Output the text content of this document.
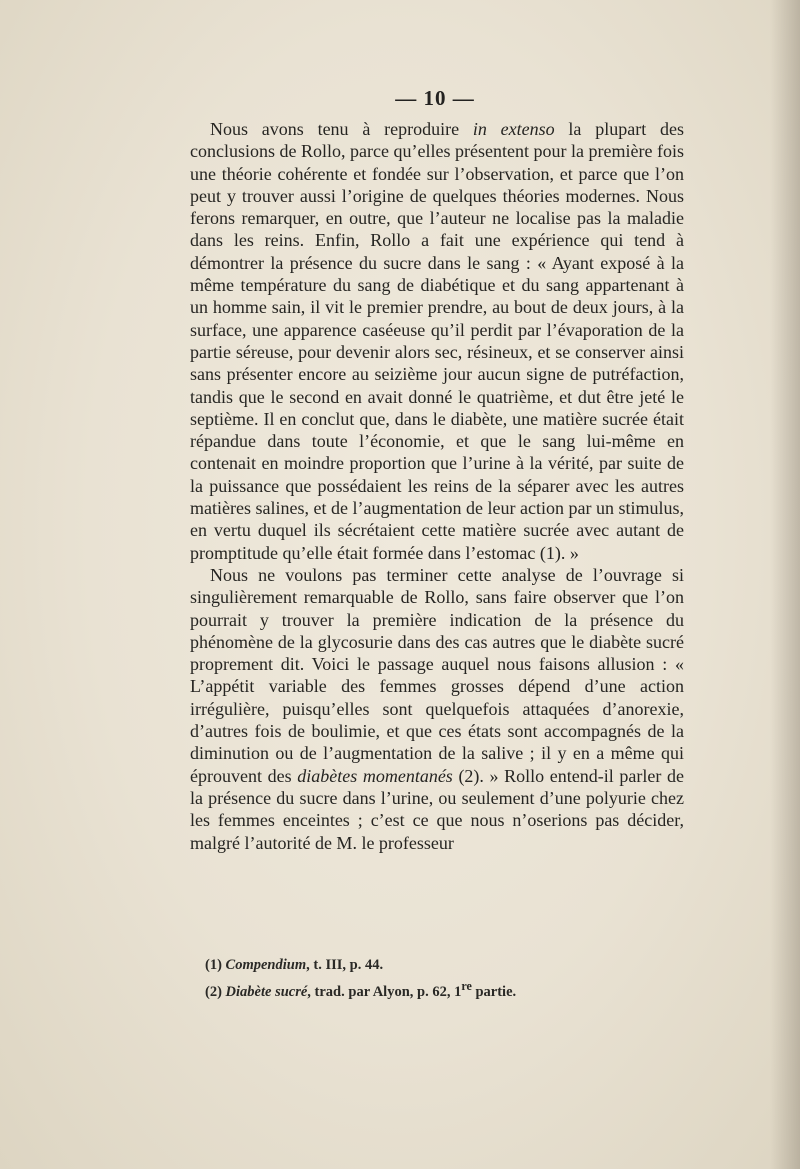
— 10 —

Nous avons tenu à reproduire in extenso la plupart des conclusions de Rollo, parce qu’elles présentent pour la première fois une théorie cohérente et fondée sur l’observation, et parce que l’on peut y trouver aussi l’origine de quelques théories modernes. Nous ferons remarquer, en outre, que l’auteur ne localise pas la maladie dans les reins. Enfin, Rollo a fait une expérience qui tend à démontrer la présence du sucre dans le sang : « Ayant exposé à la même température du sang de diabétique et du sang appartenant à un homme sain, il vit le premier prendre, au bout de deux jours, à la surface, une apparence caséeuse qu’il perdit par l’évaporation de la partie séreuse, pour devenir alors sec, résineux, et se conserver ainsi sans présenter encore au seizième jour aucun signe de putréfaction, tandis que le second en avait donné le quatrième, et dut être jeté le septième. Il en conclut que, dans le diabète, une matière sucrée était répandue dans toute l’économie, et que le sang lui-même en contenait en moindre proportion que l’urine à la vérité, par suite de la puissance que possédaient les reins de la séparer avec les autres matières salines, et de l’augmentation de leur action par un stimulus, en vertu duquel ils sécrétaient cette matière sucrée avec autant de promptitude qu’elle était formée dans l’estomac (1). »

Nous ne voulons pas terminer cette analyse de l’ouvrage si singulièrement remarquable de Rollo, sans faire observer que l’on pourrait y trouver la première indication de la présence du phénomène de la glycosurie dans des cas autres que le diabète sucré proprement dit. Voici le passage auquel nous faisons allusion : « L’appétit variable des femmes grosses dépend d’une action irrégulière, puisqu’elles sont quelquefois attaquées d’anorexie, d’autres fois de boulimie, et que ces états sont accompagnés de la diminution ou de l’augmentation de la salive ; il y en a même qui éprouvent des diabètes momentanés (2). » Rollo entend-il parler de la présence du sucre dans l’urine, ou seulement d’une polyurie chez les femmes enceintes ; c’est ce que nous n’oserions pas décider, malgré l’autorité de M. le professeur

(1) Compendium, t. III, p. 44.
(2) Diabète sucré, trad. par Alyon, p. 62, 1re partie.
